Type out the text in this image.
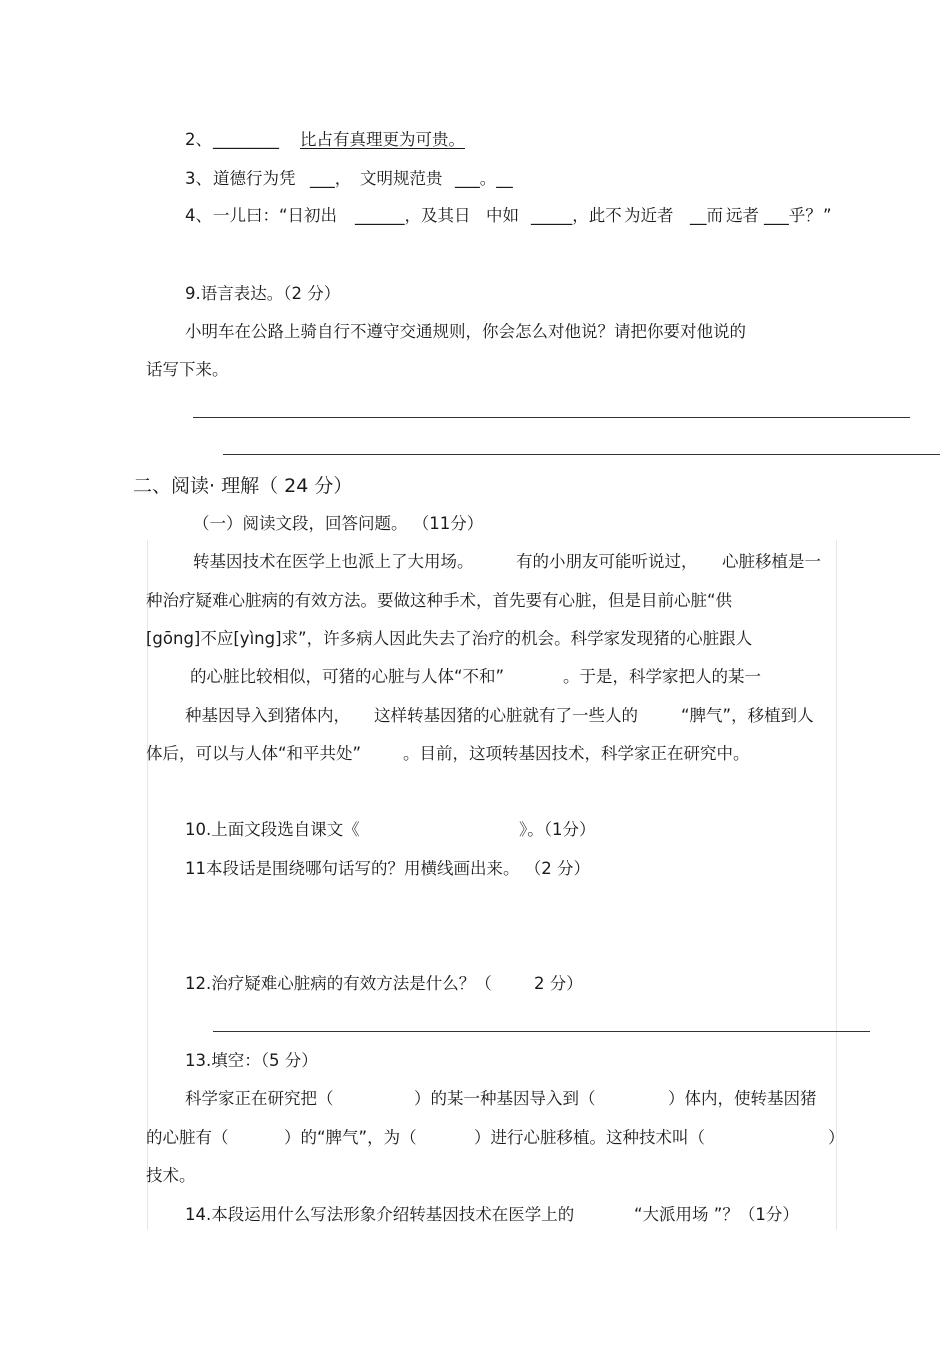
2、 ________ 比占有真理更为可贵。
3、 道德行为凭 ___， 文明规范贵 ___。__
4、 一儿曰：“日初出 ______，及其日 中如 _____，此不 为近者 __而 远者 ___乎？ ”
9.语言表达。（2 分）
小明车在公路上骑自行不遵守交通规则，你会怎么对他说？请把你要对他说的
话写下来。
二、阅读· 理解（ 24 分）
（一）阅读文段，回答问题。 （11分）
转基因技术在医学上也派上了大用场。	有的小朋友可能听说过， 心脏移植是一
种治疗疑难心脏病的有效方法。要做这种手术，首先要有心脏，但是目前心脏“供
[gōng]不应[yìng]求”，许多病人因此失去了治疗的机会。科学家发现猪的心脏跟人
的心脏比较相似，可猪的心脏与人体“不和”	。于是，科学家把人的某一
种基因导入到猪体内， 这样转基因猪的心脏就有了一些人的	“脾气”，移植到人
体后，可以与人体“和平共处”	。目前，这项转基因技术，科学家正在研究中。
10.上面文段选自课文《	》。（1分）
11本段话是围绕哪句话写的？用横线画出来。 （2 分）
12.治疗疑难心脏病的有效方法是什么？（	2 分）
13.填空：（5 分）
科学家正在研究把（	）的某一种基因导入到（	）体内，使转基因猪
的心脏有（	）的“脾气”，为（	）进行心脏移植。这种技术叫（	）
技术。
14.本段运用什么写法形象介绍转基因技术在医学上的	“大派用场 ”？（1分）
